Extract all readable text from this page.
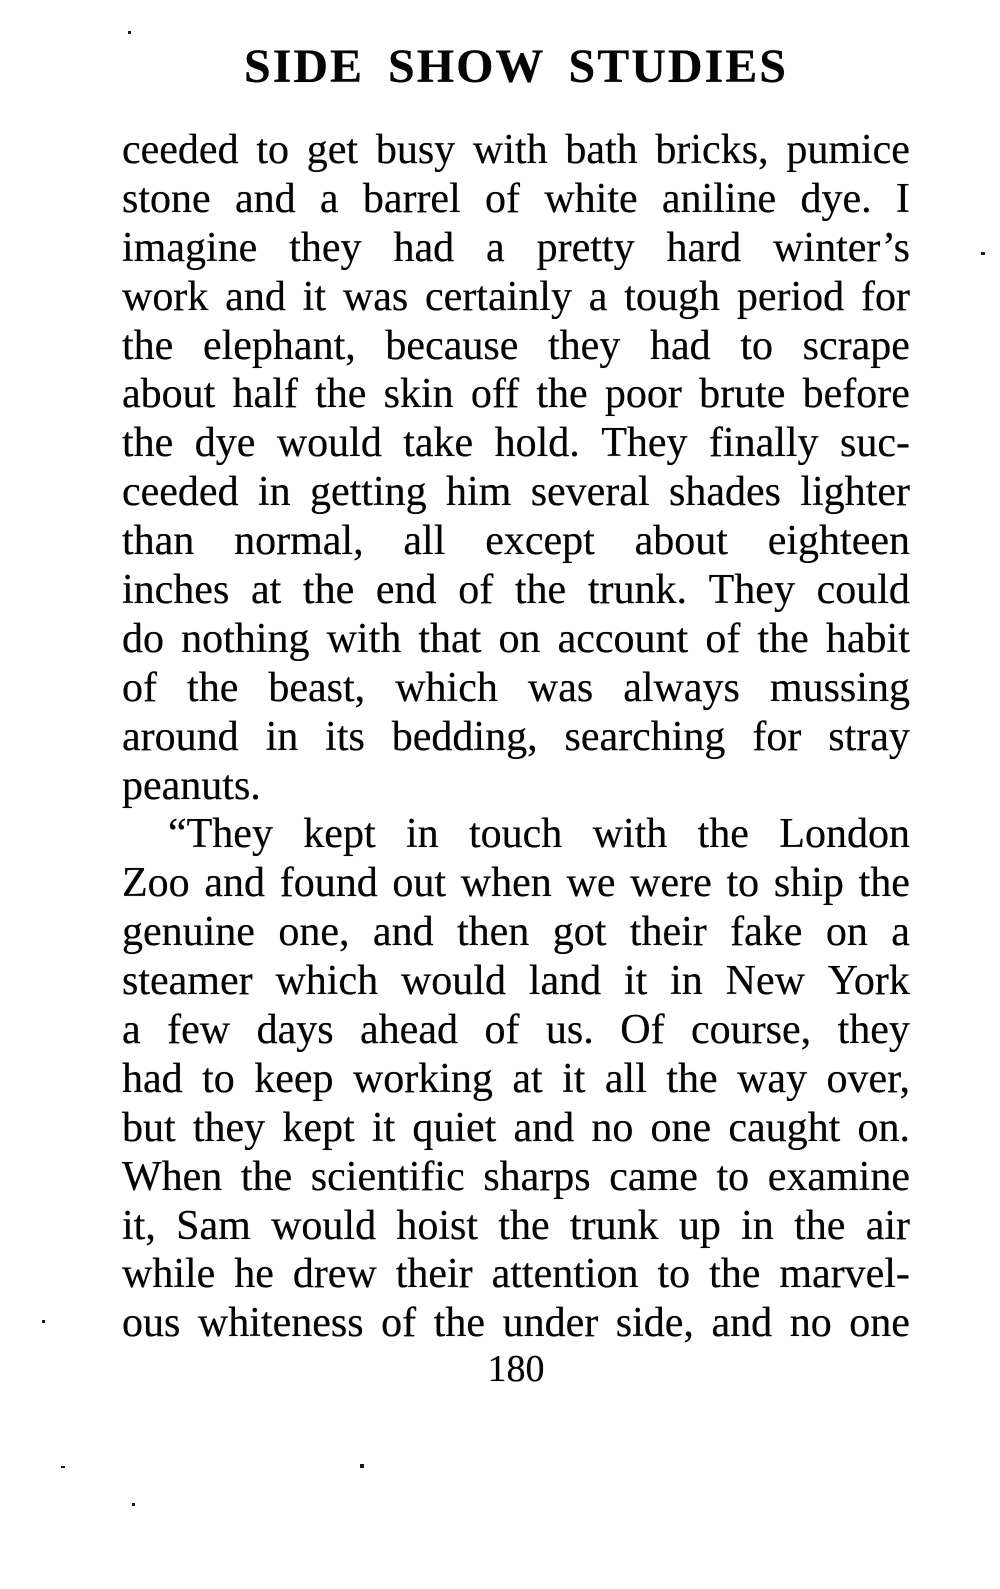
SIDE SHOW STUDIES
ceeded to get busy with bath bricks, pumice
stone and a barrel of white aniline dye. I
imagine they had a pretty hard winter’s
work and it was certainly a tough period for
the elephant, because they had to scrape
about half the skin off the poor brute before
the dye would take hold. They finally suc-
ceeded in getting him several shades lighter
than normal, all except about eighteen
inches at the end of the trunk. They could
do nothing with that on account of the habit
of the beast, which was always mussing
around in its bedding, searching for stray
peanuts.
“They kept in touch with the London
Zoo and found out when we were to ship the
genuine one, and then got their fake on a
steamer which would land it in New York
a few days ahead of us. Of course, they
had to keep working at it all the way over,
but they kept it quiet and no one caught on.
When the scientific sharps came to examine
it, Sam would hoist the trunk up in the air
while he drew their attention to the marvel-
ous whiteness of the under side, and no one
180
